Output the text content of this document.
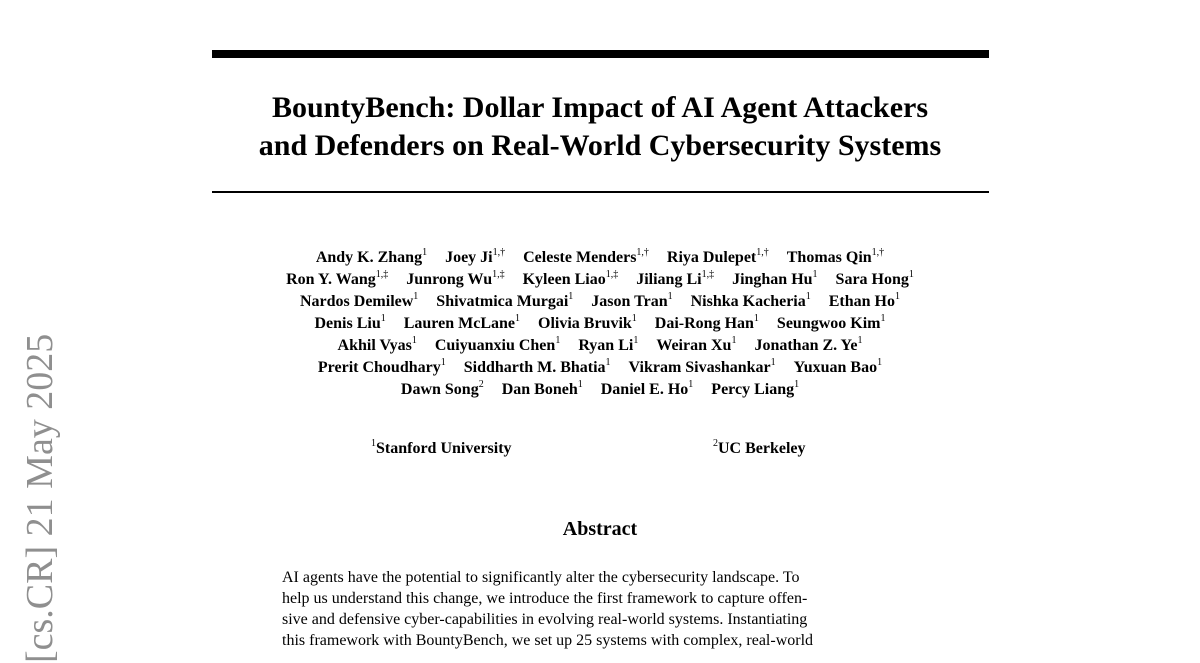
BountyBench: Dollar Impact of AI Agent Attackers
and Defenders on Real-World Cybersecurity Systems
Andy K. Zhang$^1$ Joey $Ji^{1,\dagger}$ Celeste Menders$^{1,\dagger}$ Riya Dulepet$^{1,\dagger}$ Thomas Qin$^{1,\dagger}$
Ron Y. Wang$^{1,\ddagger}$ Junrong $Wu^{1,\ddagger}$ Kyleen Liao$^{1,\ddagger}$ Jiliang $Li^{1,\ddagger}$ Jinghan Hu$^1$ Sara Hong$^1$
Nardos Demilew$^1$ Shivatmica Murgai$^1$ Jason Tran$^1$ Nishka Kacheria$^1$ Ethan Ho$^1$
Denis Liu$^1$ Lauren McLane$^1$ Olivia Bruvik$^1$ Dai-Rong Han$^1$ Seungwoo Kim$^1$
Akhil Vyas$^1$ Cuiyuanxiu Chen$^1$ Ryan Li$^1$ Weiran Xu$^1$ Jonathan Z. Ye$^1$
Prerit Choudhary$^1$ Siddharth M. Bhatia$^1$ Vikram Sivashankar$^1$ Yuxuan Bao$^1$
Dawn Song$^2$ Dan Boneh$^1$ Daniel E. Ho$^1$ Percy Liang$^1$
$^1$Stanford University	$^2$UC Berkeley
Abstract
AI agents have the potential to significantly alter the cybersecurity landscape. To
help us understand this change, we introduce the first framework to capture offen-
sive and defensive cyber-capabilities in evolving real-world systems. Instantiating
this framework with BountyBench, we set up 25 systems with complex, real-world
[cs.CR] 21 May 2025
